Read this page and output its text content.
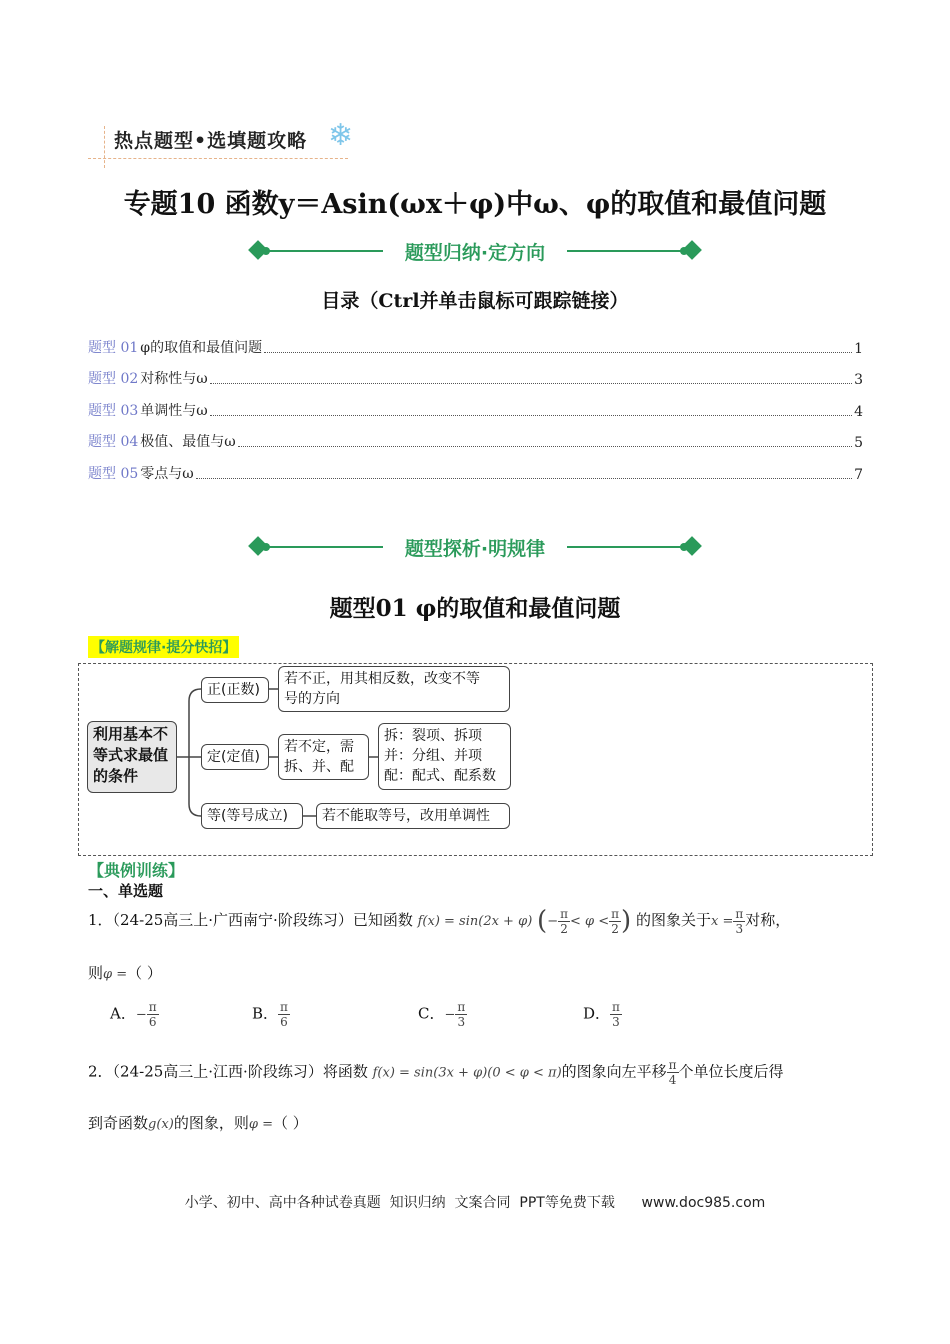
热点题型•选填题攻略 ❄
专题10 函数y＝Asin(ωx＋φ)中ω、φ的取值和最值问题
题型归纳·定方向
目录（Ctrl并单击鼠标可跟踪链接）
题型 01 φ的取值和最值问题	1
题型 02 对称性与ω	3
题型 03 单调性与ω	4
题型 04 极值、最值与ω	5
题型 05 零点与ω	7
题型探析·明规律
题型01 φ的取值和最值问题
【解题规律·提分快招】
利用基本不
等式求最值
的条件
正(正数)
若不正，用其相反数，改变不等
号的方向
定(定值)
若不定，需
拆、并、配
拆：裂项、拆项
并：分组、并项
配：配式、配系数
等(等号成立)	若不能取等号，改用单调性
【典例训练】
一、单选题
1．（24-25高三上·广西南宁·阶段练习）已知函数 f(x) = sin(2x + φ) (− $\frac{\pi}{2} < \varphi < \frac{\pi}{2}$ ) 的图象关于$x = \frac{\pi}{3}$ 对称，
则φ =（ ）
A．− $\frac{\pi}{6}$	B． $\frac{\pi}{6}$	C．− $\frac{\pi}{3}$	D． $\frac{\pi}{3}$
2．（24-25高三上·江西·阶段练习）将函数 f(x) = sin(3x + φ)(0 < φ < π)的图象向左平移 $\frac{\pi}{4}$ 个单位长度后得
到奇函数g(x)的图象，则φ =（ ）
小学、初中、高中各种试卷真题  知识归纳  文案合同  PPT等免费下载      www.doc985.com
